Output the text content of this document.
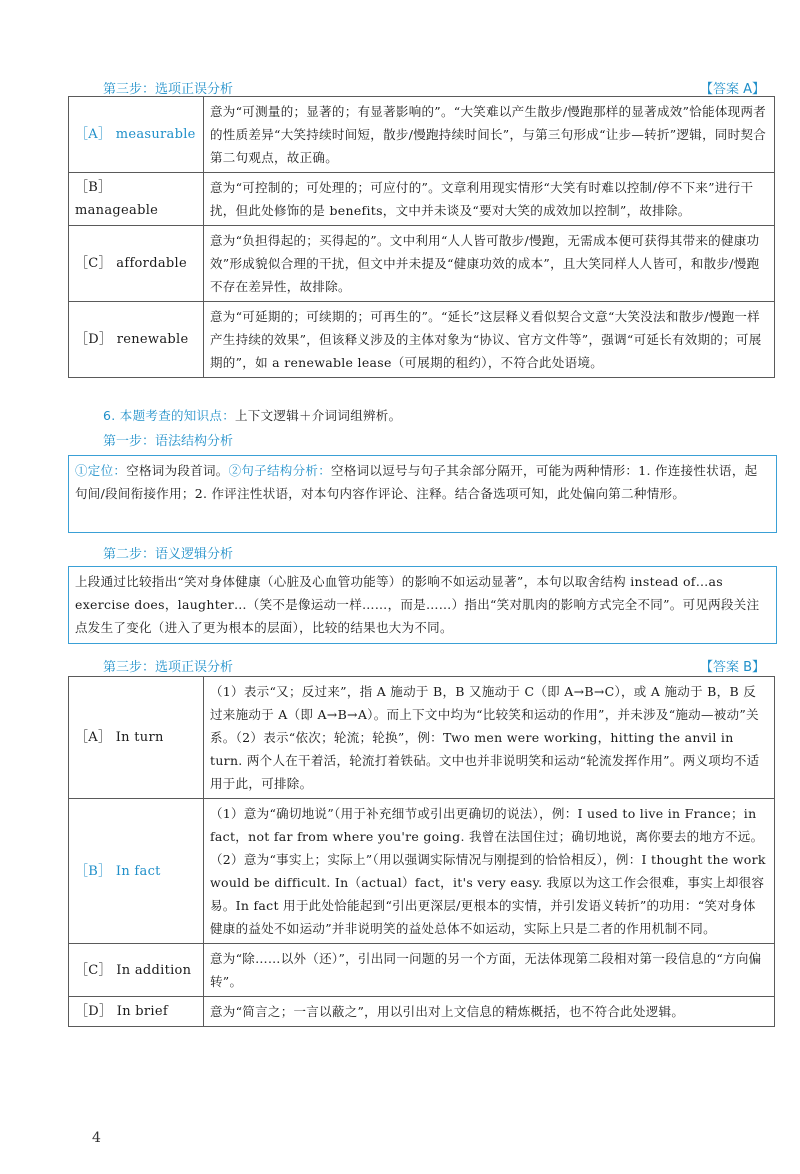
第三步：选项正误分析	【答案 A】
［A］ measurable	意为“可测量的；显著的；有显著影响的”。“大笑难以产生散步/慢跑那样的显著成效”恰能体现两者的性质差异“大笑持续时间短，散步/慢跑持续时间长”，与第三句形成“让步—转折”逻辑，同时契合第二句观点，故正确。
［B］ manageable	意为“可控制的；可处理的；可应付的”。文章利用现实情形“大笑有时难以控制/停不下来”进行干扰，但此处修饰的是 benefits，文中并未谈及“要对大笑的成效加以控制”，故排除。
［C］ affordable	意为“负担得起的；买得起的”。文中利用“人人皆可散步/慢跑，无需成本便可获得其带来的健康功效”形成貌似合理的干扰，但文中并未提及“健康功效的成本”，且大笑同样人人皆可，和散步/慢跑不存在差异性，故排除。
［D］ renewable	意为“可延期的；可续期的；可再生的”。“延长”这层释义看似契合文意“大笑没法和散步/慢跑一样产生持续的效果”，但该释义涉及的主体对象为“协议、官方文件等”，强调“可延长有效期的；可展期的”，如 a renewable lease（可展期的租约），不符合此处语境。
6. 本题考查的知识点：上下文逻辑＋介词词组辨析。
第一步：语法结构分析
①定位：空格词为段首词。②句子结构分析：空格词以逗号与句子其余部分隔开，可能为两种情形：1. 作连接性状语，起句间/段间衔接作用；2. 作评注性状语，对本句内容作评论、注释。结合备选项可知，此处偏向第二种情形。
第二步：语义逻辑分析
上段通过比较指出“笑对身体健康（心脏及心血管功能等）的影响不如运动显著”，本句以取舍结构 instead of…as exercise does，laughter…（笑不是像运动一样……，而是……）指出“笑对肌肉的影响方式完全不同”。可见两段关注点发生了变化（进入了更为根本的层面），比较的结果也大为不同。
第三步：选项正误分析	【答案 B】
［A］ In turn	（1）表示“又；反过来”，指 A 施动于 B，B 又施动于 C（即 A→B→C），或 A 施动于 B，B 反过来施动于 A（即 A→B→A）。而上下文中均为“比较笑和运动的作用”，并未涉及“施动—被动”关系。（2）表示“依次；轮流；轮换”，例：Two men were working，hitting the anvil in turn. 两个人在干着活，轮流打着铁砧。文中也并非说明笑和运动“轮流发挥作用”。两义项均不适用于此，可排除。
［B］ In fact	（1）意为“确切地说”（用于补充细节或引出更确切的说法），例：I used to live in France；in fact，not far from where you're going. 我曾在法国住过；确切地说，离你要去的地方不远。（2）意为“事实上；实际上”（用以强调实际情况与刚提到的恰恰相反），例：I thought the work would be difficult. In（actual）fact，it's very easy. 我原以为这工作会很难，事实上却很容易。In fact 用于此处恰能起到“引出更深层/更根本的实情，并引发语义转折”的功用：“笑对身体健康的益处不如运动”并非说明笑的益处总体不如运动，实际上只是二者的作用机制不同。
［C］ In addition	意为“除……以外（还）”，引出同一问题的另一个方面，无法体现第二段相对第一段信息的“方向偏转”。
［D］ In brief	意为“简言之；一言以蔽之”，用以引出对上文信息的精炼概括，也不符合此处逻辑。
4
